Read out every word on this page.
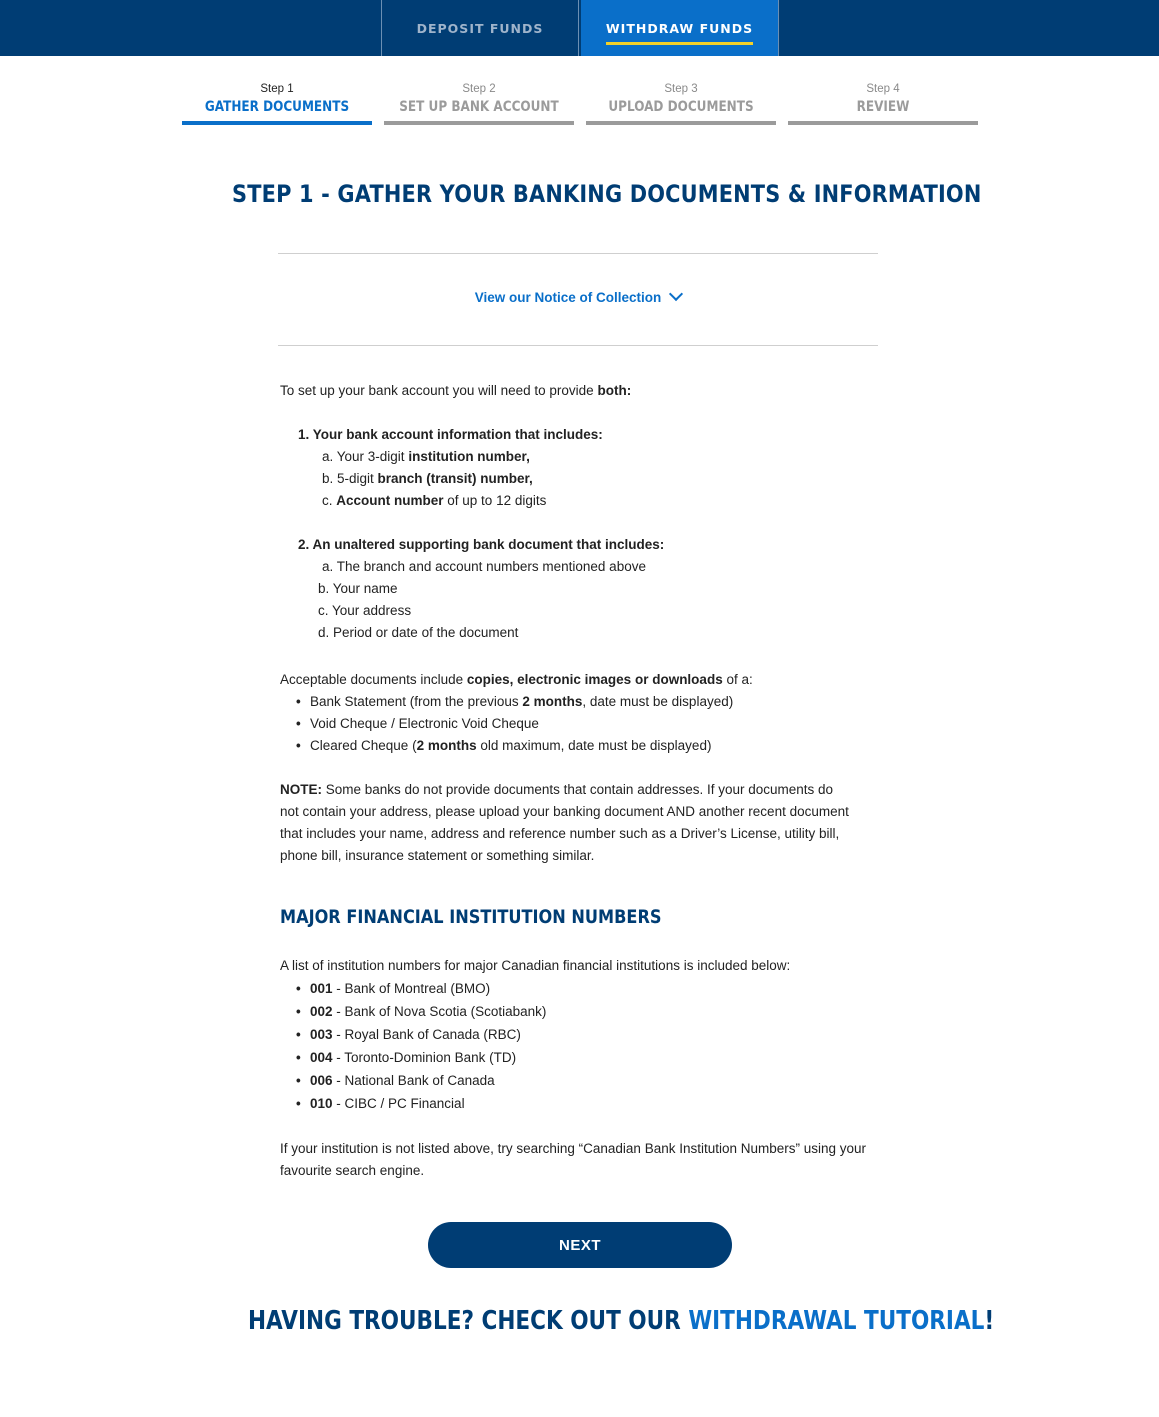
DEPOSIT FUNDS	WITHDRAW FUNDS
Step 1
GATHER DOCUMENTS
Step 2
SET UP BANK ACCOUNT
Step 3
UPLOAD DOCUMENTS
Step 4
REVIEW
STEP 1 - GATHER YOUR BANKING DOCUMENTS & INFORMATION
View our Notice of Collection

To set up your bank account you will need to provide both:

1. Your bank account information that includes:
a. Your 3-digit institution number,
b. 5-digit branch (transit) number,
c. Account number of up to 12 digits
2. An unaltered supporting bank document that includes:
a. The branch and account numbers mentioned above
b. Your name
c. Your address
d. Period or date of the document

Acceptable documents include copies, electronic images or downloads of a:

• Bank Statement (from the previous 2 months, date must be displayed)
• Void Cheque / Electronic Void Cheque
• Cleared Cheque (2 months old maximum, date must be displayed)

NOTE: Some banks do not provide documents that contain addresses. If your documents do not contain your address, please upload your banking document AND another recent document that includes your name, address and reference number such as a Driver’s License, utility bill, phone bill, insurance statement or something similar.

MAJOR FINANCIAL INSTITUTION NUMBERS

A list of institution numbers for major Canadian financial institutions is included below:

• 001 - Bank of Montreal (BMO)
• 002 - Bank of Nova Scotia (Scotiabank)
• 003 - Royal Bank of Canada (RBC)
• 004 - Toronto-Dominion Bank (TD)
• 006 - National Bank of Canada
• 010 - CIBC / PC Financial

If your institution is not listed above, try searching “Canadian Bank Institution Numbers” using your favourite search engine.

NEXT
HAVING TROUBLE? CHECK OUT OUR WITHDRAWAL TUTORIAL!
